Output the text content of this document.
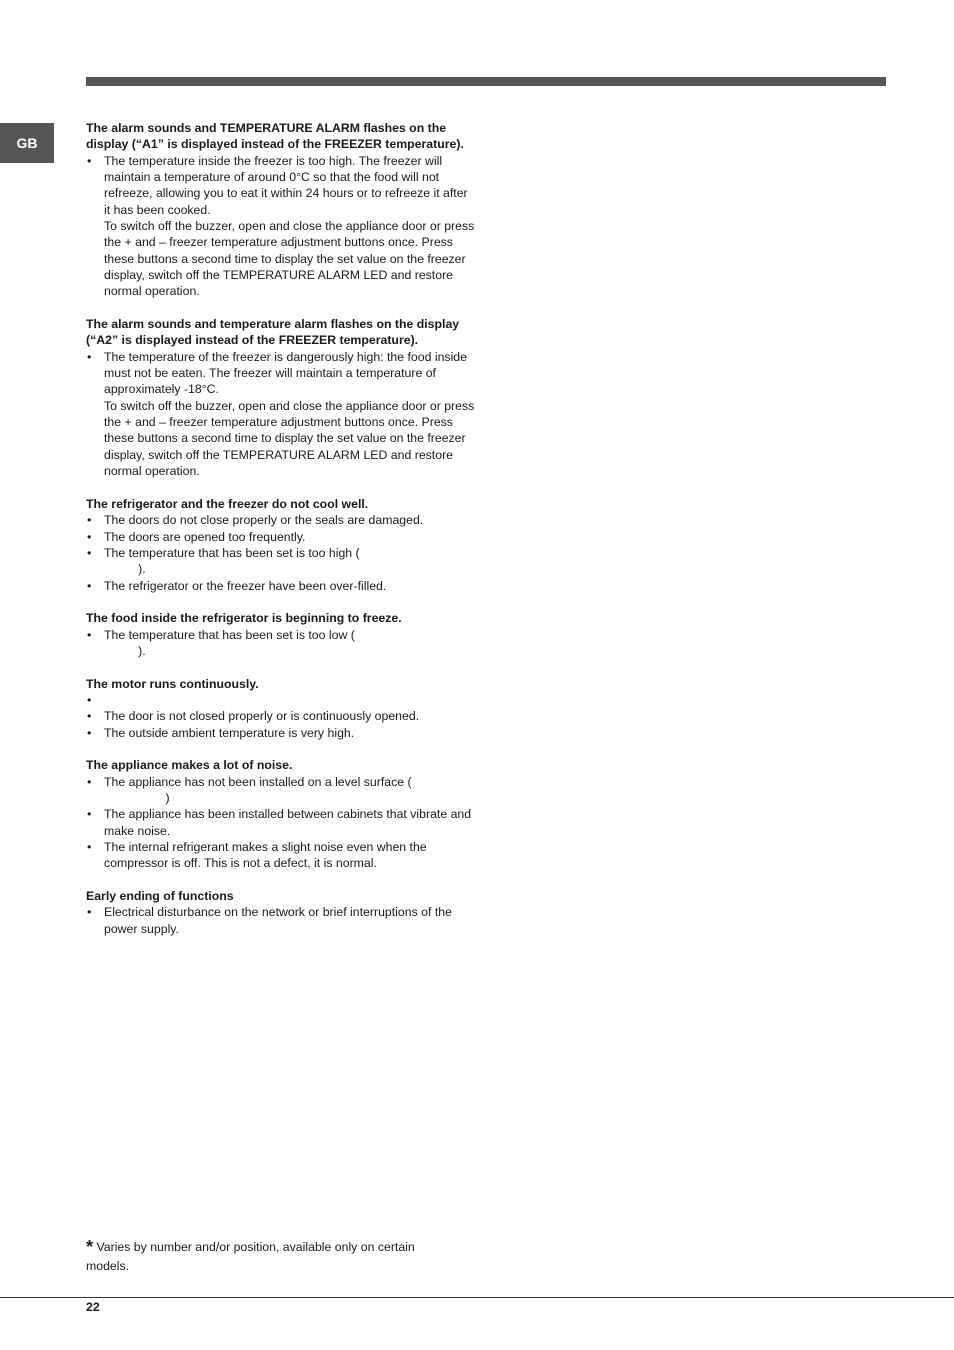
GB
The alarm sounds and TEMPERATURE ALARM flashes on the display (“A1” is displayed instead of the FREEZER temperature).

• The temperature inside the freezer is too high. The freezer will maintain a temperature of around 0°C so that the food will not refreeze, allowing you to eat it within 24 hours or to refreeze it after it has been cooked.

To switch off the buzzer, open and close the appliance door or press the + and – freezer temperature adjustment buttons once. Press these buttons a second time to display the set value on the freezer display, switch off the TEMPERATURE ALARM LED and restore normal operation.

The alarm sounds and temperature alarm flashes on the display (“A2” is displayed instead of the FREEZER temperature).

• The temperature of the freezer is dangerously high: the food inside must not be eaten. The freezer will maintain a temperature of approximately -18°C.

To switch off the buzzer, open and close the appliance door or press the + and – freezer temperature adjustment buttons once. Press these buttons a second time to display the set value on the freezer display, switch off the TEMPERATURE ALARM LED and restore normal operation.

The refrigerator and the freezer do not cool well.

• The doors do not close properly or the seals are damaged.

• The doors are opened too frequently.

• The temperature that has been set is too high (

).

• The refrigerator or the freezer have been over-filled.

The food inside the refrigerator is beginning to freeze.

• The temperature that has been set is too low (

).

The motor runs continuously.
•

• The door is not closed properly or is continuously opened.

• The outside ambient temperature is very high.

The appliance makes a lot of noise.

• The appliance has not been installed on a level surface (

)

• The appliance has been installed between cabinets that vibrate and make noise.

• The internal refrigerant makes a slight noise even when the compressor is off. This is not a defect, it is normal.

Early ending of functions

• Electrical disturbance on the network or brief interruptions of the power supply.

* Varies by number and/or position, available only on certain models.
22
